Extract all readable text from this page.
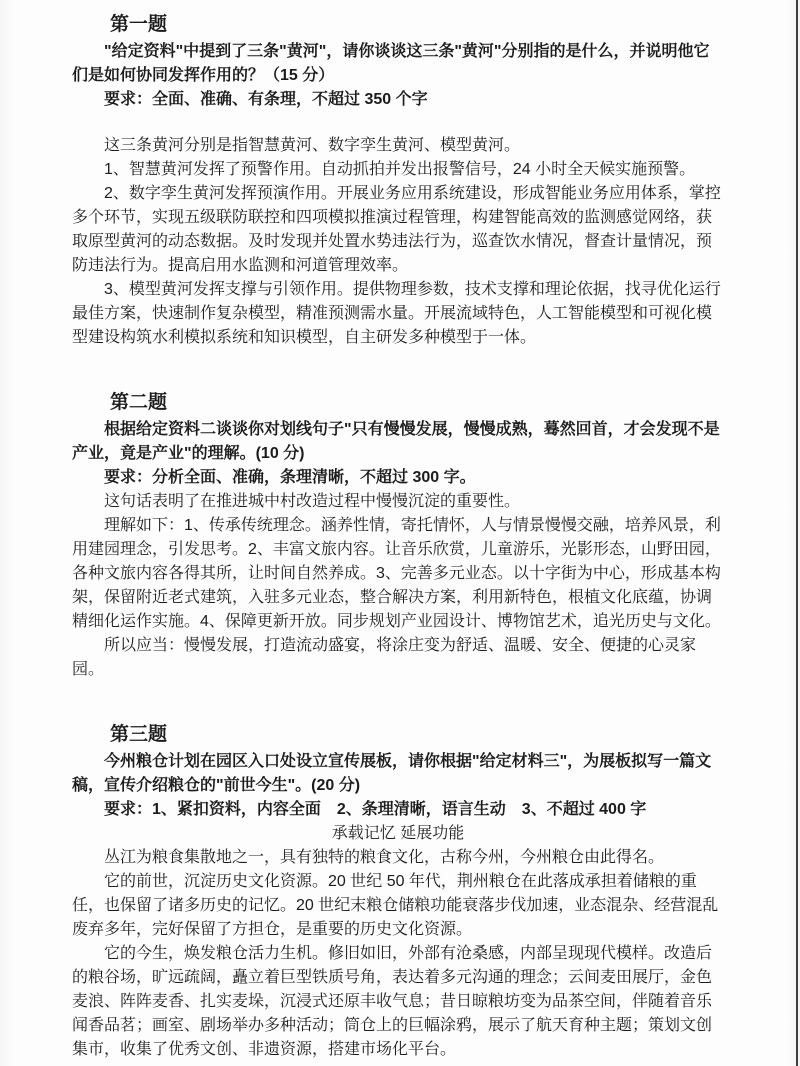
第一题

"给定资料"中提到了三条"黄河"，请你谈谈这三条"黄河"分别指的是什么，并说明他它们是如何协同发挥作用的？（15 分）

要求：全面、准确、有条理，不超过 350 个字

这三条黄河分别是指智慧黄河、数字孪生黄河、模型黄河。

1、智慧黄河发挥了预警作用。自动抓拍并发出报警信号，24 小时全天候实施预警。

2、数字孪生黄河发挥预演作用。开展业务应用系统建设，形成智能业务应用体系，掌控多个环节，实现五级联防联控和四项模拟推演过程管理，构建智能高效的监测感觉网络，获取原型黄河的动态数据。及时发现并处置水势违法行为，巡查饮水情况，督查计量情况，预防违法行为。提高启用水监测和河道管理效率。

3、模型黄河发挥支撑与引领作用。提供物理参数，技术支撑和理论依据，找寻优化运行最佳方案，快速制作复杂模型，精准预测需水量。开展流域特色，人工智能模型和可视化模型建设构筑水利模拟系统和知识模型，自主研发多种模型于一体。

第二题

根据给定资料二谈谈你对划线句子"只有慢慢发展，慢慢成熟，蓦然回首，才会发现不是产业，竟是产业"的理解。(10 分)

要求：分析全面、准确，条理清晰，不超过 300 字。

这句话表明了在推进城中村改造过程中慢慢沉淀的重要性。

理解如下：1、传承传统理念。涵养性情，寄托情怀，人与情景慢慢交融，培养风景，利用建园理念，引发思考。2、丰富文旅内容。让音乐欣赏，儿童游乐，光影形态，山野田园，各种文旅内容各得其所，让时间自然养成。3、完善多元业态。以十字街为中心，形成基本构架，保留附近老式建筑，入驻多元业态，整合解决方案，利用新特色，根植文化底蕴，协调精细化运作实施。4、保障更新开放。同步规划产业园设计、博物馆艺术，追光历史与文化。

所以应当：慢慢发展，打造流动盛宴，将涂庄变为舒适、温暖、安全、便捷的心灵家园。

第三题

今州粮仓计划在园区入口处设立宣传展板，请你根据"给定材料三"，为展板拟写一篇文稿，宣传介绍粮仓的"前世今生"。(20 分)

要求：1、紧扣资料，内容全面　2、条理清晰，语言生动　3、不超过 400 字

承载记忆 延展功能

丛江为粮食集散地之一，具有独特的粮食文化，古称今州，今州粮仓由此得名。

它的前世，沉淀历史文化资源。20 世纪 50 年代，荆州粮仓在此落成承担着储粮的重任，也保留了诸多历史的记忆。20 世纪末粮仓储粮功能衰落步伐加速，业态混杂、经营混乱废弃多年，完好保留了方担仓，是重要的历史文化资源。

它的今生，焕发粮仓活力生机。修旧如旧，外部有沧桑感，内部呈现现代模样。改造后的粮谷场，旷远疏阔，矗立着巨型铁质号角，表达着多元沟通的理念；云间麦田展厅，金色麦浪、阵阵麦香、扎实麦垛，沉浸式还原丰收气息；昔日晾粮坊变为品茶空间，伴随着音乐闻香品茗；画室、剧场举办多种活动；筒仓上的巨幅涂鸦，展示了航天育种主题；策划文创集市，收集了优秀文创、非遗资源，搭建市场化平台。
